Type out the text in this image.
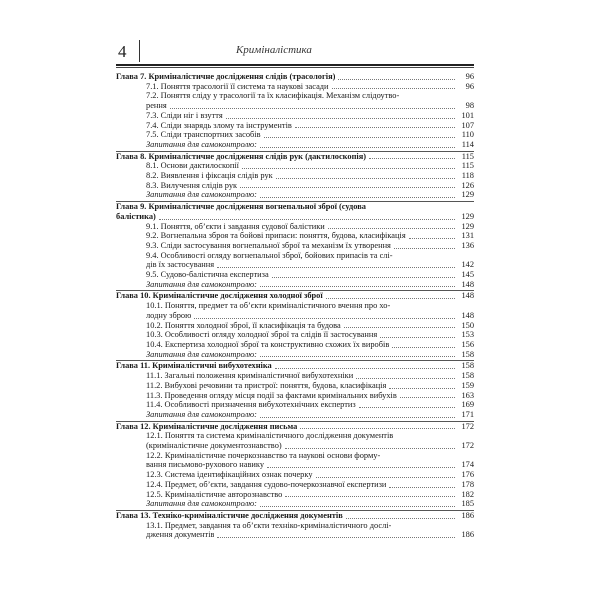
4	Криміналістика
Глава 7. Криміналістичне дослідження слідів (трасологія)	96
7.1. Поняття трасології її система та наукові засади	96
7.2. Поняття сліду у трасології та їх класифікація. Механізм слідоутво-
рення	98
7.3. Сліди ніг і взуття	101
7.4. Сліди знарядь злому та інструментів	107
7.5. Сліди транспортних засобів	110
Запитання для самоконтролю:	114
Глава 8. Криміналістичне дослідження слідів рук (дактилоскопія)	115
8.1. Основи дактилоскопії	115
8.2. Виявлення і фіксація слідів рук	118
8.3. Вилучення слідів рук	126
Запитання для самоконтролю:	129
Глава 9. Криміналістичне дослідження вогнепальної зброї (судова
балістика)	129
9.1. Поняття, об’єкти і завдання судової балістики	129
9.2. Вогнепальна зброя та бойові припаси: поняття, будова, класифікація	131
9.3. Сліди застосування вогнепальної зброї та механізм їх утворення	136
9.4. Особливості огляду вогнепальної зброї, бойових припасів та слі-
дів їх застосування	142
9.5. Судово-балістична експертиза	145
Запитання для самоконтролю:	148
Глава 10. Криміналістичне дослідження холодної зброї	148
10.1. Поняття, предмет та об’єкти криміналістичного вчення про хо-
лодну зброю	148
10.2. Поняття холодної зброї, її класифікація та будова	150
10.3. Особливості огляду холодної зброї та слідів її застосування	153
10.4. Експертиза холодної зброї та конструктивно схожих їх виробів	156
Запитання для самоконтролю:	158
Глава 11. Криміналістичні вибухотехніка	158
11.1. Загальні положення криміналістичної вибухотехніки	158
11.2. Вибухові речовини та пристрої: поняття, будова, класифікація	159
11.3. Проведення огляду місця події за фактами кримінальних вибухів	163
11.4. Особливості призначення вибухотехнічних експертиз	169
Запитання для самоконтролю:	171
Глава 12. Криміналістичне дослідження письма	172
12.1. Поняття та система криміналістичного дослідження документів
(криміналістичне документознавство)	172
12.2. Криміналістичне почеркознавство та наукові основи форму-
вання письмово-рухового навику	174
12.3. Система ідентифікаційних ознак почерку	176
12.4. Предмет, об’єкти, завдання судово-почеркознавчої експертизи	178
12.5. Криміналістичне авторознавство	182
Запитання для самоконтролю:	185
Глава 13. Техніко-криміналістичне дослідження документів	186
13.1. Предмет, завдання та об’єкти техніко-криміналістичного дослі-
дження документів	186
